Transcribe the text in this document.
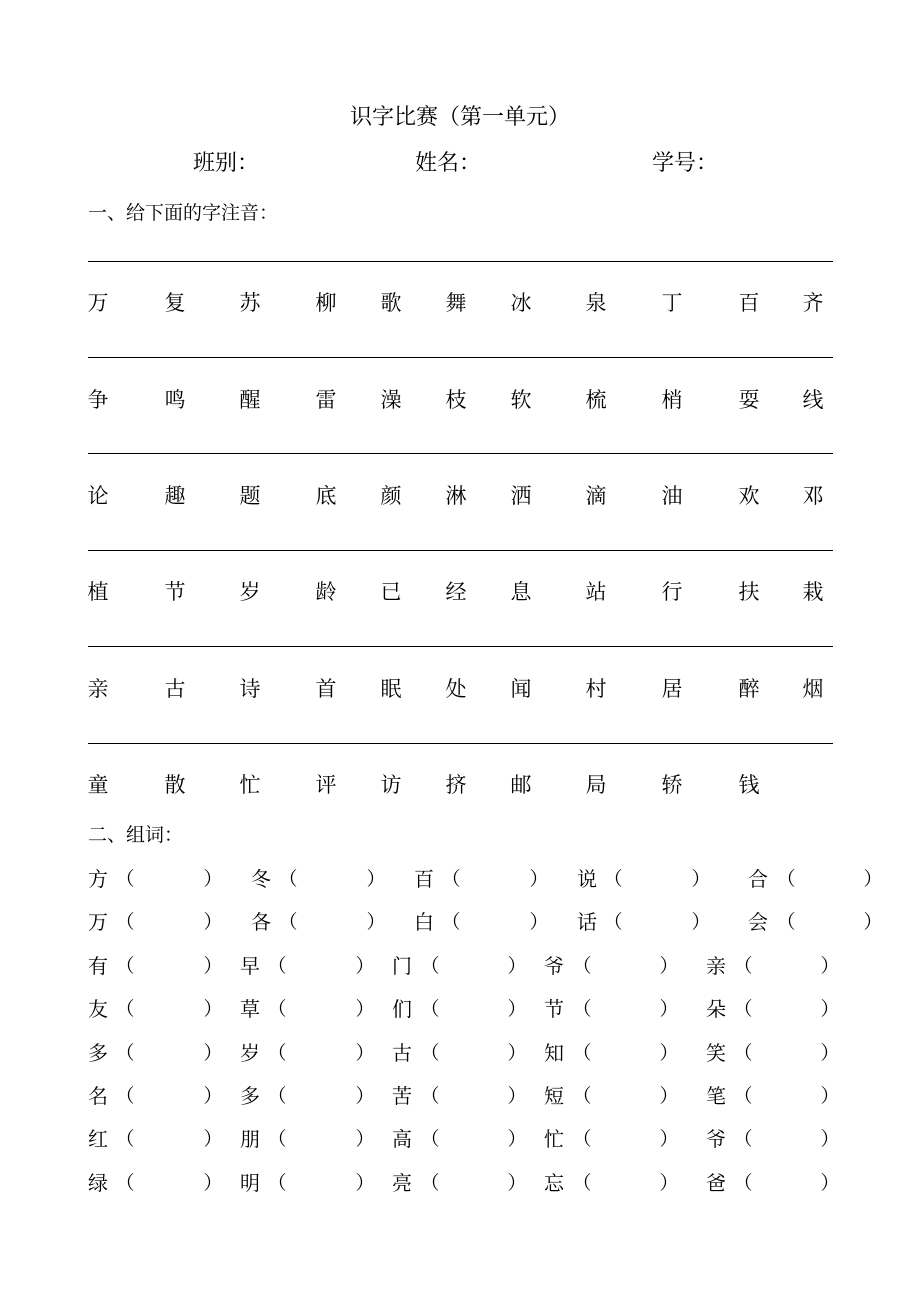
识字比赛（第一单元）
班别：	姓名：	学号：
一、给下面的字注音：
万	复	苏	柳 歌 舞 冰	泉	丁	百 齐
争	鸣	醒	雷 澡 枝 软	梳	梢	耍 线
论	趣	题	底 颜 淋 洒	滴	油	欢 邓
植	节	岁	龄 已 经 息	站	行	扶 栽
亲	古	诗	首 眠 处 闻	村	居	醉 烟
童	散	忙	评 访 挤 邮	局	轿	钱
二、组词：
方 （	） 冬 （	） 百 （	） 说 （	） 合 （	）
万 （	） 各 （	） 白 （	） 话 （	） 会 （	）
有 （	） 早 （	） 门 （	） 爷 （	） 亲 （	）
友 （	） 草 （	） 们 （	） 节 （	） 朵 （	）
多 （	） 岁 （	） 古 （	） 知 （	） 笑 （	）
名 （	） 多 （	） 苦 （	） 短 （	） 笔 （	）
红 （	） 朋 （	） 高 （	） 忙 （	） 爷 （	）
绿 （	） 明 （	） 亮 （	） 忘 （	） 爸 （	）
